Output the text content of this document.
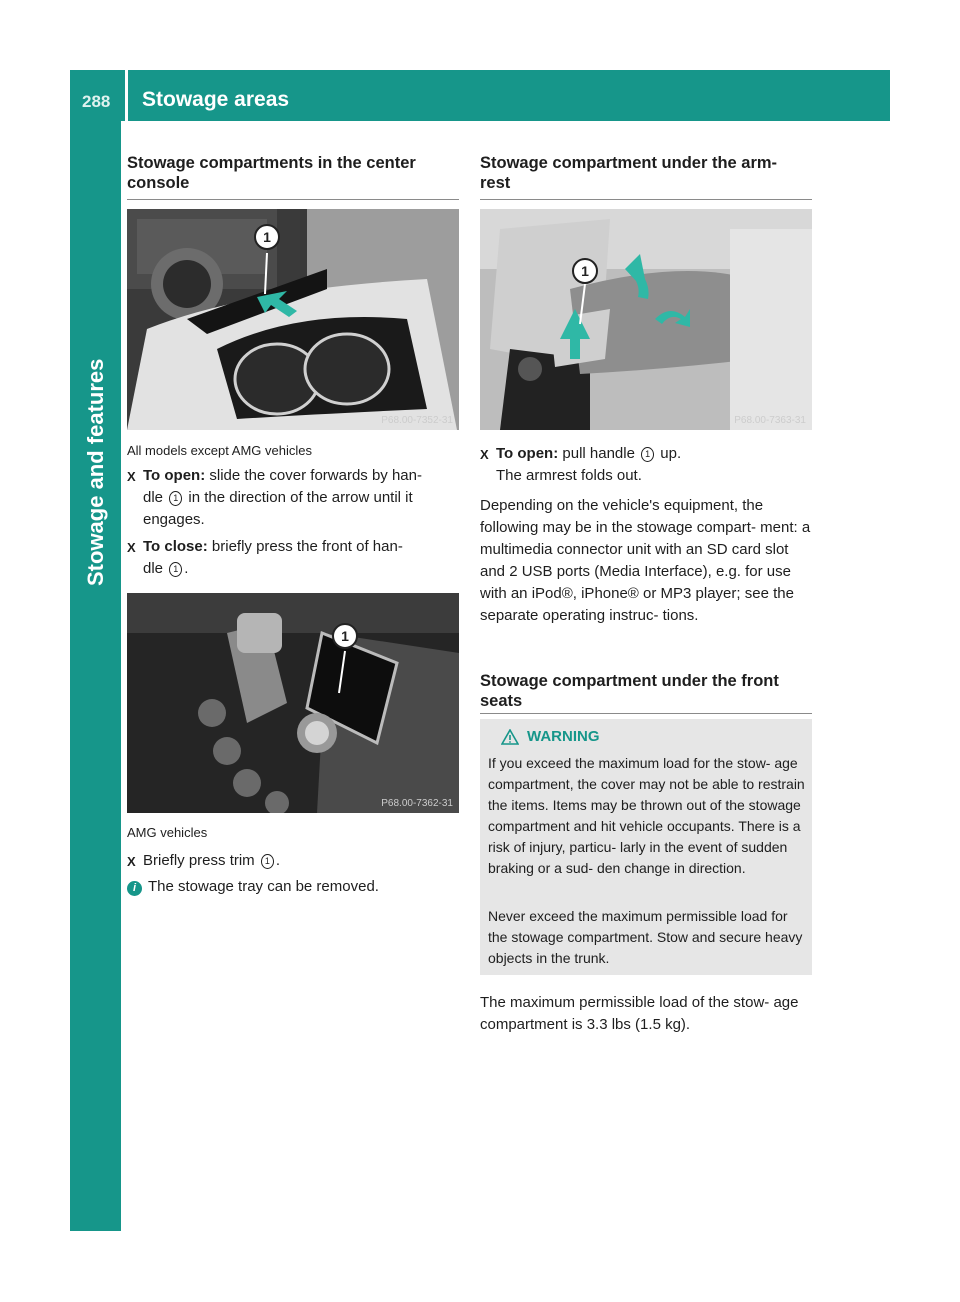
288 Stowage areas
Stowage and features
Stowage compartments in the center console
1
P68.00-7352-31
All models except AMG vehicles
X To open: slide the cover forwards by han-
dle 1 in the direction of the arrow until it
engages.
X To close: briefly press the front of han-
dle 1 .
1
P68.00-7362-31
AMG vehicles
X Briefly press trim 1 .

i The stowage tray can be removed.

Stowage compartment under the arm- rest
1
P68.00-7363-31
X To open: pull handle 1 up.
The armrest folds out.

Depending on the vehicle's equipment, the following may be in the stowage compart- ment: a multimedia connector unit with an SD card slot and 2 USB ports (Media Interface), e.g. for use with an iPod®, iPhone® or MP3 player; see the separate operating instruc- tions.

Stowage compartment under the front seats
WARNING
If you exceed the maximum load for the stow- age compartment, the cover may not be able to restrain the items. Items may be thrown out of the stowage compartment and hit vehicle occupants. There is a risk of injury, particu- larly in the event of sudden braking or a sud- den change in direction.
Never exceed the maximum permissible load for the stowage compartment. Stow and secure heavy objects in the trunk.

The maximum permissible load of the stow- age compartment is 3.3 lbs (1.5 kg).
